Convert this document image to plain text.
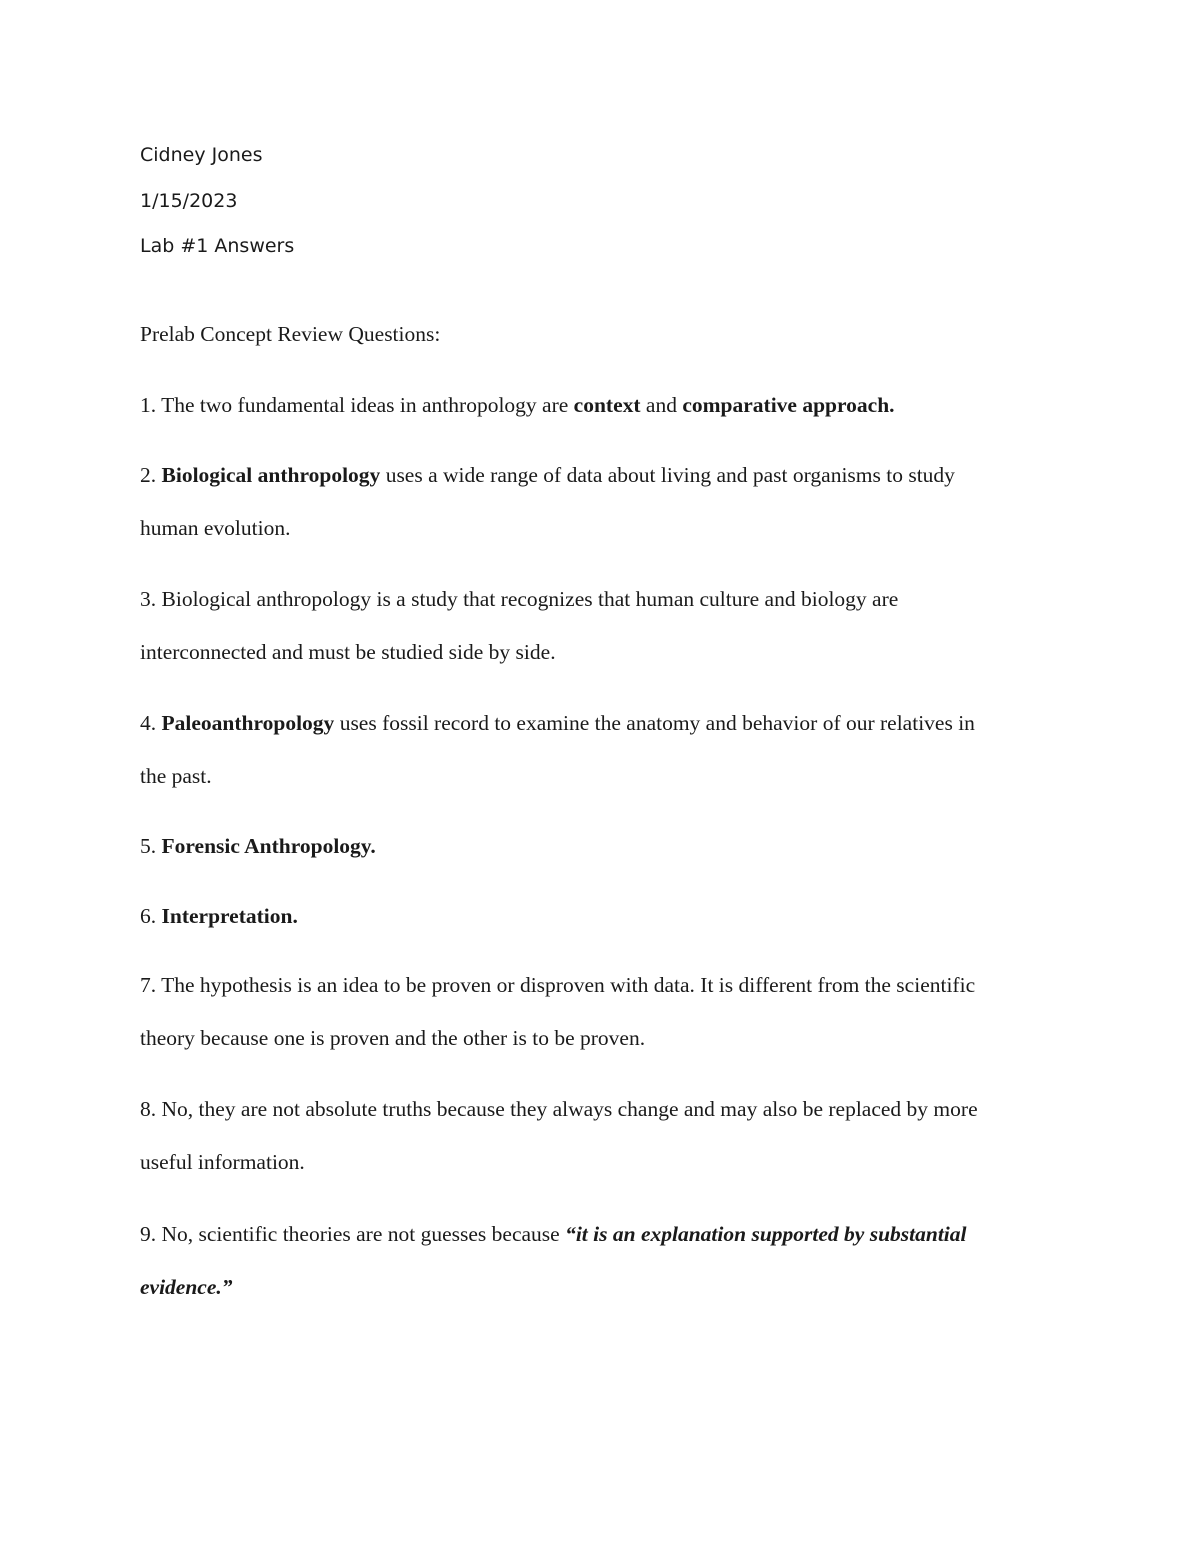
Cidney Jones
1/15/2023
Lab #1 Answers
Prelab Concept Review Questions:
1. The two fundamental ideas in anthropology are context and comparative approach.
2. Biological anthropology uses a wide range of data about living and past organisms to study
human evolution.
3. Biological anthropology is a study that recognizes that human culture and biology are
interconnected and must be studied side by side.
4. Paleoanthropology uses fossil record to examine the anatomy and behavior of our relatives in
the past.
5. Forensic Anthropology.
6. Interpretation.
7. The hypothesis is an idea to be proven or disproven with data. It is different from the scientific
theory because one is proven and the other is to be proven.
8. No, they are not absolute truths because they always change and may also be replaced by more
useful information.
9. No, scientific theories are not guesses because “it is an explanation supported by substantial
evidence.”
